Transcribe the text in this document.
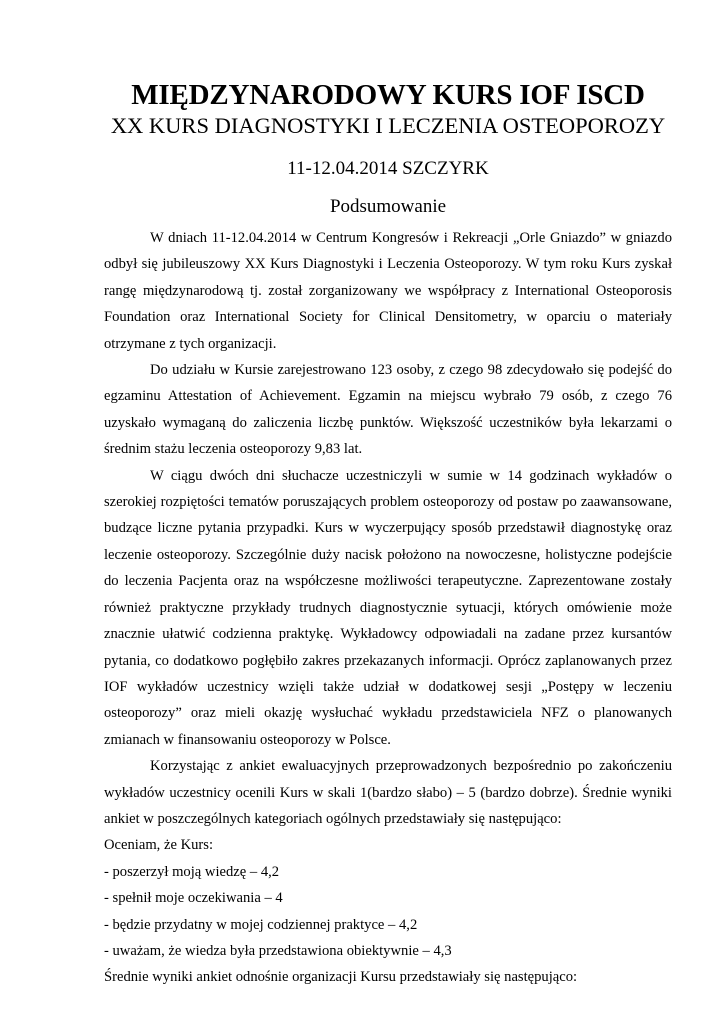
MIĘDZYNARODOWY KURS IOF ISCD
XX KURS DIAGNOSTYKI I LECZENIA OSTEOPOROZY

11-12.04.2014 SZCZYRK

Podsumowanie

W dniach 11-12.04.2014 w Centrum Kongresów i Rekreacji „Orle Gniazdo” w gniazdo odbył się jubileuszowy XX Kurs Diagnostyki i Leczenia Osteoporozy. W tym roku Kurs zyskał rangę międzynarodową tj. został zorganizowany we współpracy z International Osteoporosis Foundation oraz International Society for Clinical Densitometry, w oparciu o materiały otrzymane z tych organizacji.

Do udziału w Kursie zarejestrowano 123 osoby, z czego 98 zdecydowało się podejść do egzaminu Attestation of Achievement. Egzamin na miejscu wybrało 79 osób, z czego 76 uzyskało wymaganą do zaliczenia liczbę punktów. Większość uczestników była lekarzami o średnim stażu leczenia osteoporozy 9,83 lat.

W ciągu dwóch dni słuchacze uczestniczyli w sumie w 14 godzinach wykładów o szerokiej rozpiętości tematów poruszających problem osteoporozy od postaw po zaawansowane, budzące liczne pytania przypadki. Kurs w wyczerpujący sposób przedstawił diagnostykę oraz leczenie osteoporozy. Szczególnie duży nacisk położono na nowoczesne, holistyczne podejście do leczenia Pacjenta oraz na współczesne możliwości terapeutyczne. Zaprezentowane zostały również praktyczne przykłady trudnych diagnostycznie sytuacji, których omówienie może znacznie ułatwić codzienna praktykę. Wykładowcy odpowiadali na zadane przez kursantów pytania, co dodatkowo pogłębiło zakres przekazanych informacji. Oprócz zaplanowanych przez IOF wykładów uczestnicy wzięli także udział w dodatkowej sesji „Postępy w leczeniu osteoporozy” oraz mieli okazję wysłuchać wykładu przedstawiciela NFZ o planowanych zmianach w finansowaniu osteoporozy w Polsce.

Korzystając z ankiet ewaluacyjnych przeprowadzonych bezpośrednio po zakończeniu wykładów uczestnicy ocenili Kurs w skali 1(bardzo słabo) – 5 (bardzo dobrze). Średnie wyniki ankiet w poszczególnych kategoriach ogólnych przedstawiały się następująco:

Oceniam, że Kurs:

- poszerzył moją wiedzę – 4,2
- spełnił moje oczekiwania – 4
- będzie przydatny w mojej codziennej praktyce – 4,2
- uważam, że wiedza była przedstawiona obiektywnie – 4,3

Średnie wyniki ankiet odnośnie organizacji Kursu przedstawiały się następująco:
